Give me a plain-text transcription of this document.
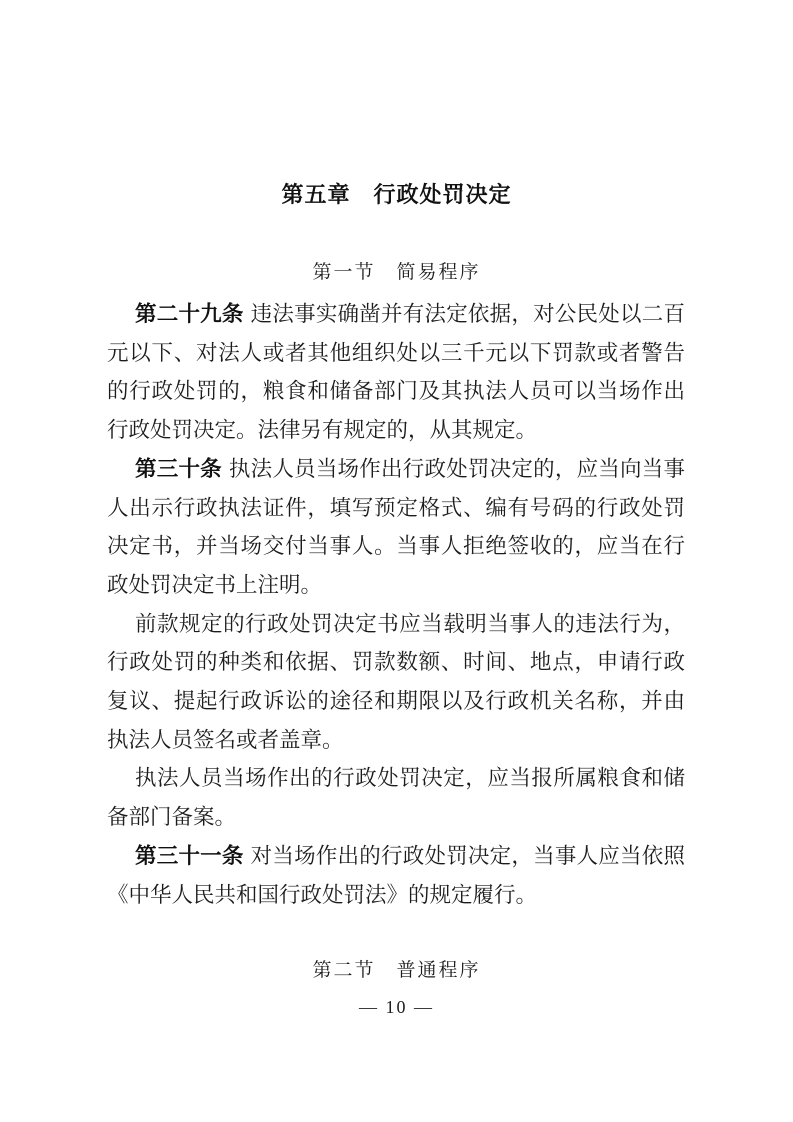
第五章　行政处罚决定
第一节　简易程序

第二十九条 违法事实确凿并有法定依据，对公民处以二百元以下、对法人或者其他组织处以三千元以下罚款或者警告的行政处罚的，粮食和储备部门及其执法人员可以当场作出行政处罚决定。法律另有规定的，从其规定。

第三十条 执法人员当场作出行政处罚决定的，应当向当事人出示行政执法证件，填写预定格式、编有号码的行政处罚决定书，并当场交付当事人。当事人拒绝签收的，应当在行政处罚决定书上注明。

前款规定的行政处罚决定书应当载明当事人的违法行为，行政处罚的种类和依据、罚款数额、时间、地点，申请行政复议、提起行政诉讼的途径和期限以及行政机关名称，并由执法人员签名或者盖章。

执法人员当场作出的行政处罚决定，应当报所属粮食和储备部门备案。

第三十一条 对当场作出的行政处罚决定，当事人应当依照《中华人民共和国行政处罚法》的规定履行。

第二节　普通程序
— 10 —
